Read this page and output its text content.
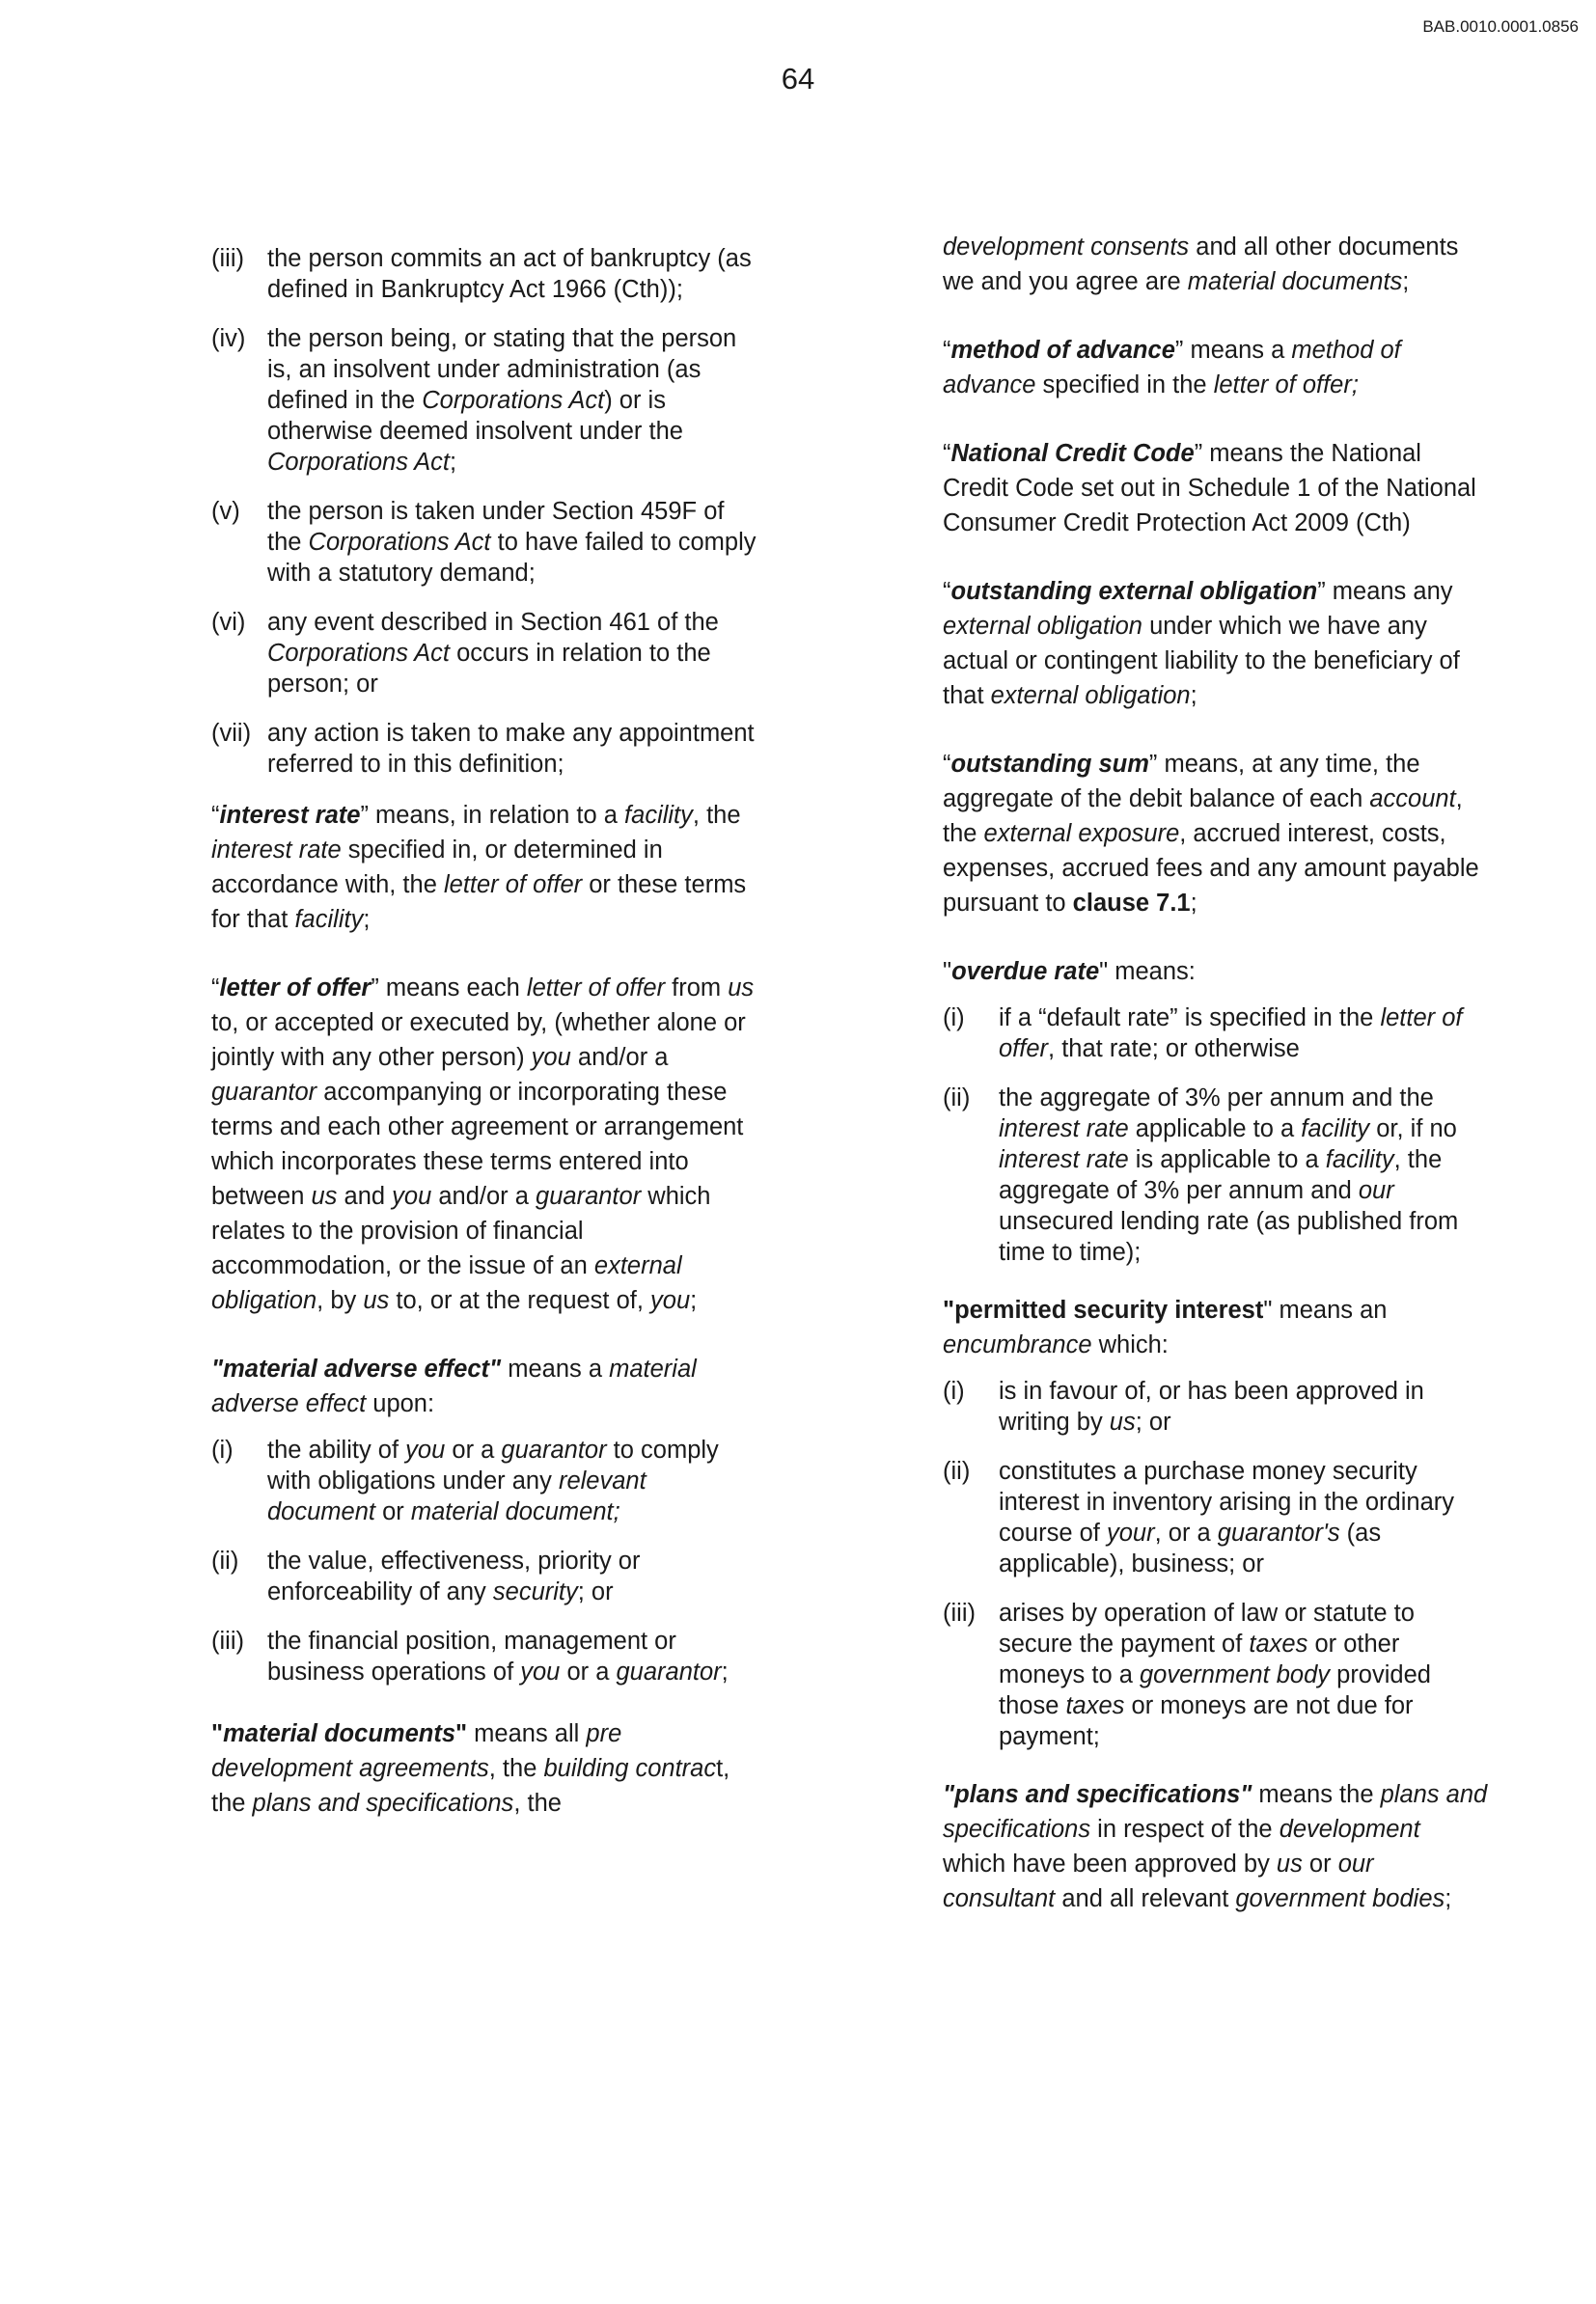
BAB.0010.0001.0856
64
(iii) the person commits an act of bankruptcy (as defined in Bankruptcy Act 1966 (Cth));
(iv) the person being, or stating that the person is, an insolvent under administration (as defined in the Corporations Act) or is otherwise deemed insolvent under the Corporations Act;
(v) the person is taken under Section 459F of the Corporations Act to have failed to comply with a statutory demand;
(vi) any event described in Section 461 of the Corporations Act occurs in relation to the person; or
(vii) any action is taken to make any appointment referred to in this definition;

“interest rate” means, in relation to a facility, the interest rate specified in, or determined in accordance with, the letter of offer or these terms for that facility;

“letter of offer” means each letter of offer from us to, or accepted or executed by, (whether alone or jointly with any other person) you and/or a guarantor accompanying or incorporating these terms and each other agreement or arrangement which incorporates these terms entered into between us and you and/or a guarantor which relates to the provision of financial accommodation, or the issue of an external obligation, by us to, or at the request of, you;

"material adverse effect" means a material adverse effect upon:

(i) the ability of you or a guarantor to comply with obligations under any relevant document or material document;
(ii) the value, effectiveness, priority or enforceability of any security; or
(iii) the financial position, management or business operations of you or a guarantor;

"material documents" means all pre development agreements, the building contract, the plans and specifications, the

development consents and all other documents we and you agree are material documents;

“method of advance” means a method of advance specified in the letter of offer;

“National Credit Code” means the National Credit Code set out in Schedule 1 of the National Consumer Credit Protection Act 2009 (Cth)

“outstanding external obligation” means any external obligation under which we have any actual or contingent liability to the beneficiary of that external obligation;

“outstanding sum” means, at any time, the aggregate of the debit balance of each account, the external exposure, accrued interest, costs, expenses, accrued fees and any amount payable pursuant to clause 7.1;

"overdue rate" means:

(i) if a “default rate” is specified in the letter of offer, that rate; or otherwise
(ii) the aggregate of 3% per annum and the interest rate applicable to a facility or, if no interest rate is applicable to a facility, the aggregate of 3% per annum and our unsecured lending rate (as published from time to time);

"permitted security interest" means an encumbrance which:

(i) is in favour of, or has been approved in writing by us; or
(ii) constitutes a purchase money security interest in inventory arising in the ordinary course of your, or a guarantor's (as applicable), business; or
(iii) arises by operation of law or statute to secure the payment of taxes or other moneys to a government body provided those taxes or moneys are not due for payment;

"plans and specifications" means the plans and specifications in respect of the development which have been approved by us or our consultant and all relevant government bodies;
